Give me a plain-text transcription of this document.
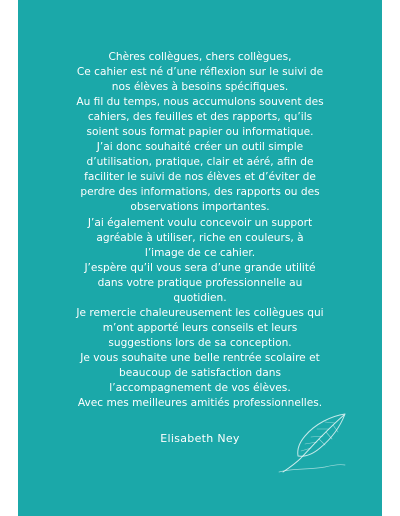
Chères collègues, chers collègues,
Ce cahier est né d’une réflexion sur le suivi de
nos élèves à besoins spécifiques.
Au fil du temps, nous accumulons souvent des
cahiers, des feuilles et des rapports, qu’ils
soient sous format papier ou informatique.
J’ai donc souhaité créer un outil simple
d’utilisation, pratique, clair et aéré, afin de
faciliter le suivi de nos élèves et d’éviter de
perdre des informations, des rapports ou des
observations importantes.
J’ai également voulu concevoir un support
agréable à utiliser, riche en couleurs, à
l’image de ce cahier.
J’espère qu’il vous sera d’une grande utilité
dans votre pratique professionnelle au
quotidien.
Je remercie chaleureusement les collègues qui
m’ont apporté leurs conseils et leurs
suggestions lors de sa conception.
Je vous souhaite une belle rentrée scolaire et
beaucoup de satisfaction dans
l’accompagnement de vos élèves.
Avec mes meilleures amitiés professionnelles.

Elisabeth Ney
